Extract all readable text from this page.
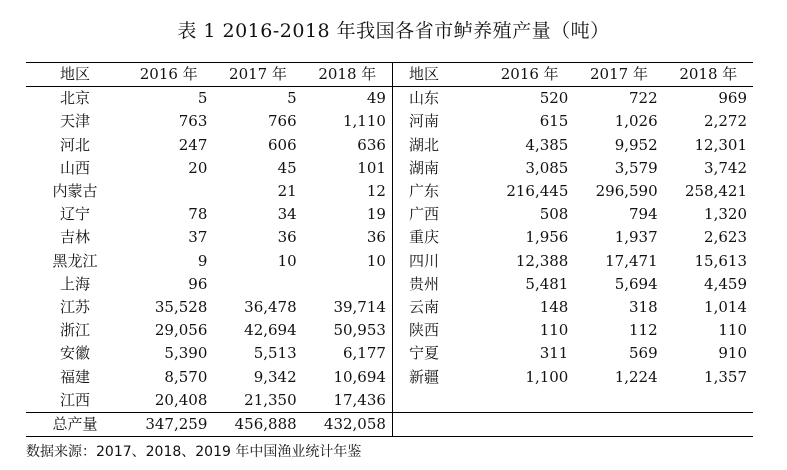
表 1 2016-2018 年我国各省市鲈养殖产量（吨）
地区	2016 年	2017 年	2018 年	地区	2016 年	2017 年	2018 年
北京	5	5	49	山东	520	722	969
天津	763	766	1,110	河南	615	1,026	2,272
河北	247	606	636	湖北	4,385	9,952	12,301
山西	20	45	101	湖南	3,085	3,579	3,742
内蒙古		21	12	广东	216,445	296,590	258,421
辽宁	78	34	19	广西	508	794	1,320
吉林	37	36	36	重庆	1,956	1,937	2,623
黑龙江	9	10	10	四川	12,388	17,471	15,613
上海	96			贵州	5,481	5,694	4,459
江苏	35,528	36,478	39,714	云南	148	318	1,014
浙江	29,056	42,694	50,953	陕西	110	112	110
安徽	5,390	5,513	6,177	宁夏	311	569	910
福建	8,570	9,342	10,694	新疆	1,100	1,224	1,357
江西	20,408	21,350	17,436				
总产量	347,259	456,888	432,058				
数据来源：2017、2018、2019 年中国渔业统计年鉴
